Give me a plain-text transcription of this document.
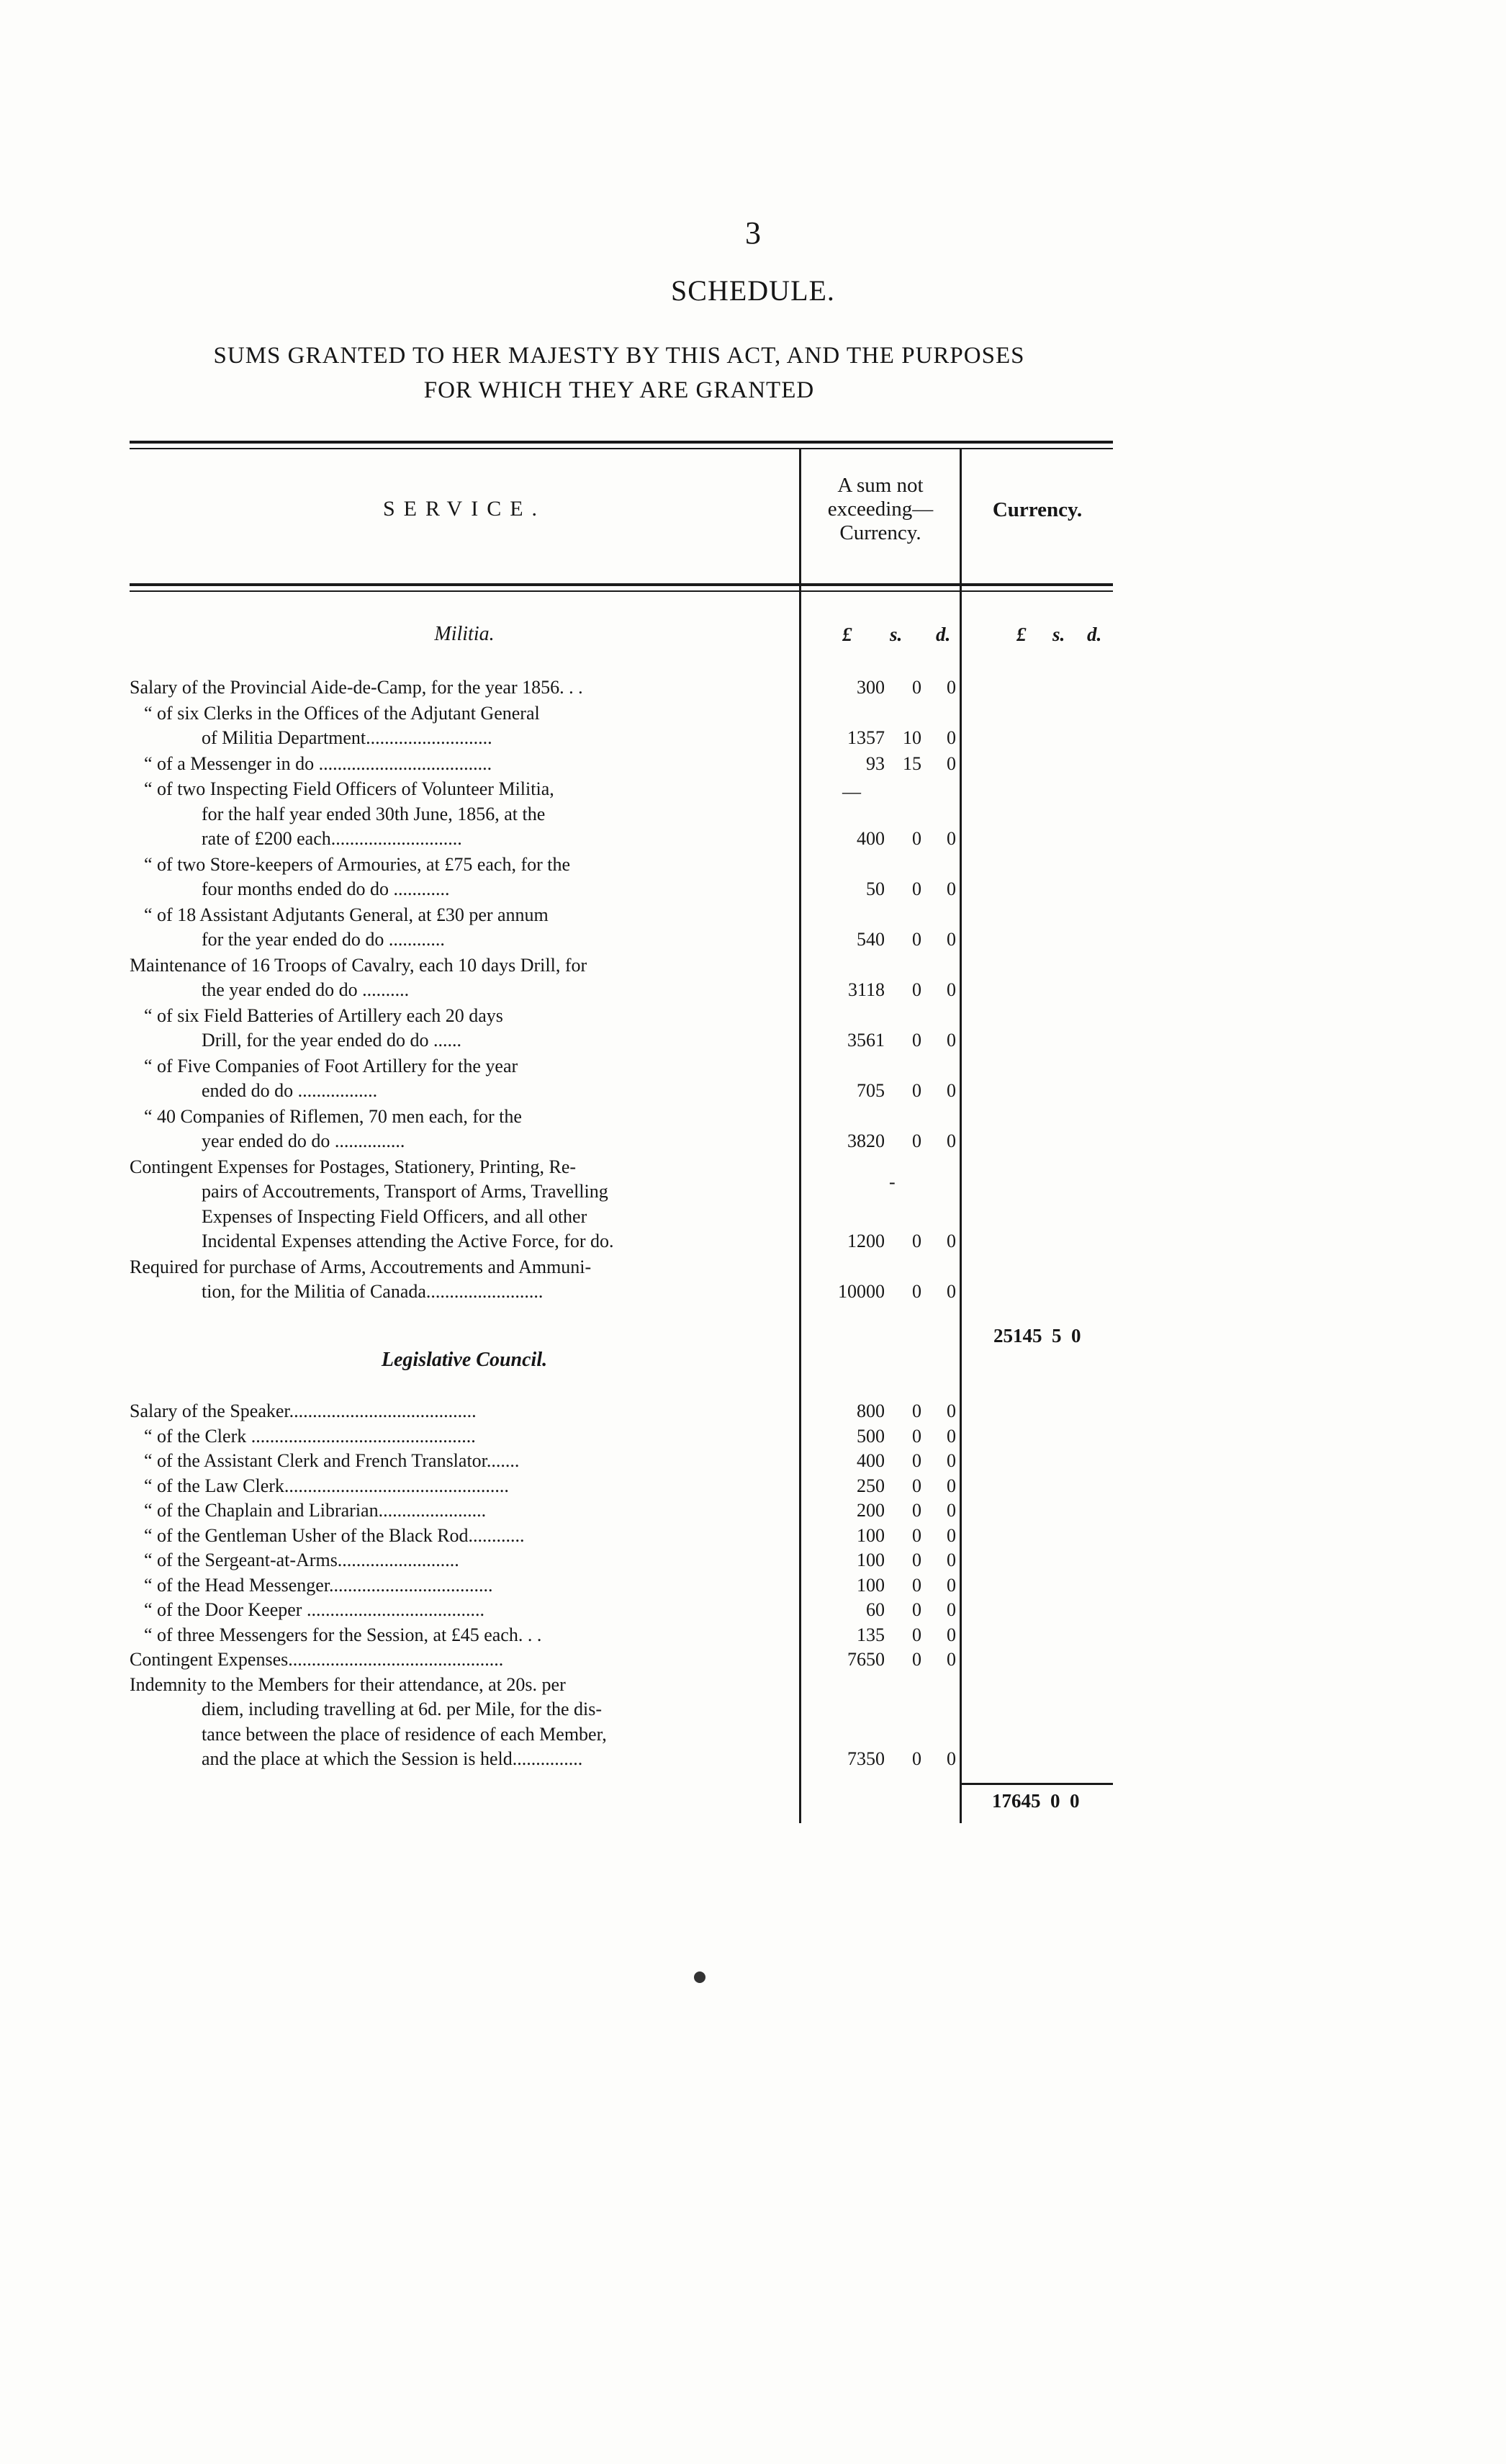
3
SCHEDULE.
SUMS GRANTED TO HER MAJESTY BY THIS ACT, AND THE PURPOSES
FOR WHICH THEY ARE GRANTED
SERVICE.
A sum not
exceeding—
Currency.
Currency.
£ s. d.	£ s. d.
Militia.
Salary of the Provincial Aide-de-Camp, for the year 1856. . .	300	0	0
“ of six Clerks in the Offices of the Adjutant General
of Militia Department...........................	1357 10	0
“ of a Messenger in do .....................................	93 15	0
“ of two Inspecting Field Officers of Volunteer Militia,
for the half year ended 30th June, 1856, at the
rate of £200 each............................	400	0	0
“ of two Store-keepers of Armouries, at £75 each, for the
four months ended do do ............	50	0	0
“ of 18 Assistant Adjutants General, at £30 per annum
for the year ended do do ............	540	0	0
Maintenance of 16 Troops of Cavalry, each 10 days Drill, for
the year ended do do ..........	3118	0	0
“ of six Field Batteries of Artillery each 20 days
Drill, for the year ended do do ......	3561	0	0
“ of Five Companies of Foot Artillery for the year
ended do do .................	705	0	0
“ 40 Companies of Riflemen, 70 men each, for the
year ended do do ...............	3820	0	0
Contingent Expenses for Postages, Stationery, Printing, Re-
pairs of Accoutrements, Transport of Arms, Travelling
Expenses of Inspecting Field Officers, and all other
Incidental Expenses attending the Active Force, for do.	1200	0	0
Required for purchase of Arms, Accoutrements and Ammuni-
tion, for the Militia of Canada.........................	10000	0	0
25145  5  0
—
-
Legislative Council.
Salary of the Speaker........................................	800	0	0
“ of the Clerk ................................................	500	0	0
“ of the Assistant Clerk and French Translator.......	400	0	0
“ of the Law Clerk................................................	250	0	0
“ of the Chaplain and Librarian.......................	200	0	0
“ of the Gentleman Usher of the Black Rod............	100	0	0
“ of the Sergeant-at-Arms..........................	100	0	0
“ of the Head Messenger...................................	100	0	0
“ of the Door Keeper ......................................	60	0	0
“ of three Messengers for the Session, at £45 each. . .	135	0	0
Contingent Expenses..............................................	7650	0	0
Indemnity to the Members for their attendance, at 20s. per
diem, including travelling at 6d. per Mile, for the dis-
tance between the place of residence of each Member,
and the place at which the Session is held...............	7350	0	0
17645  0  0
